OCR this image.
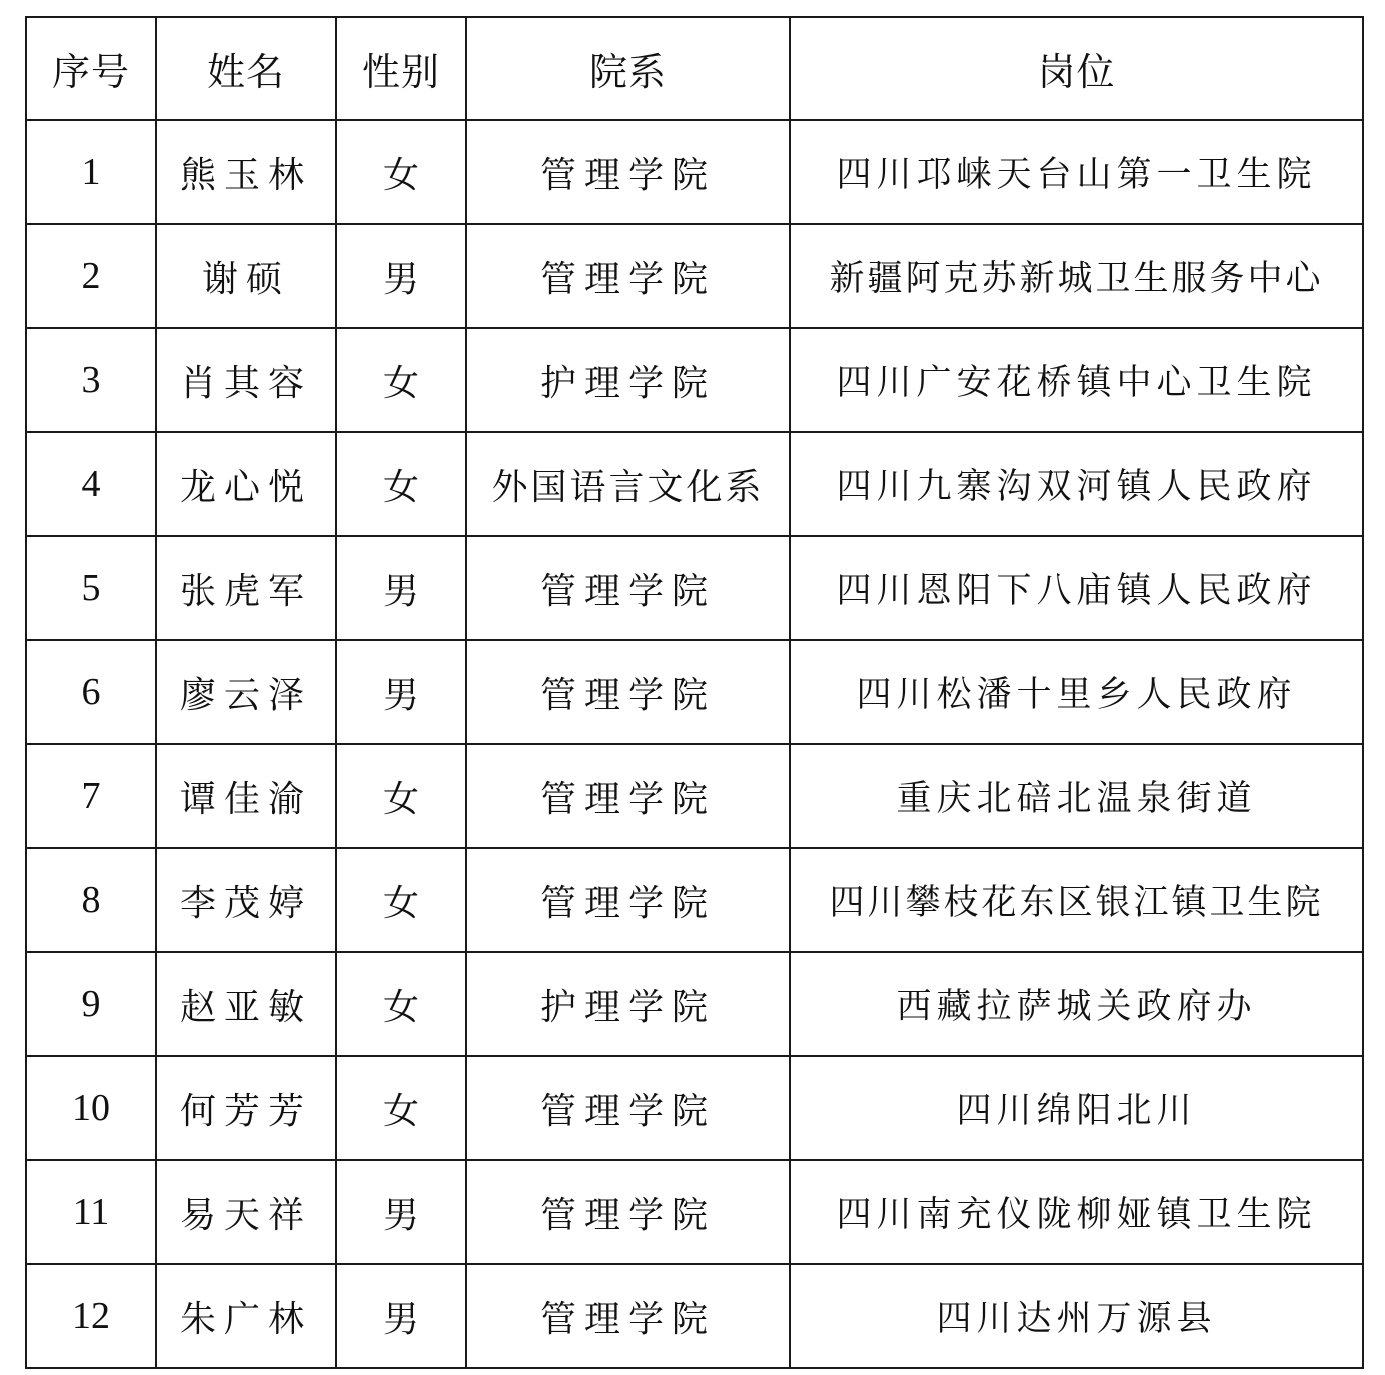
序号	姓名	性别	院系	岗位
1	熊玉林	女	管理学院	四川邛崃天台山第一卫生院
2	谢硕	男	管理学院	新疆阿克苏新城卫生服务中心
3	肖其容	女	护理学院	四川广安花桥镇中心卫生院
4	龙心悦	女	外国语言文化系	四川九寨沟双河镇人民政府
5	张虎军	男	管理学院	四川恩阳下八庙镇人民政府
6	廖云泽	男	管理学院	四川松潘十里乡人民政府
7	谭佳渝	女	管理学院	重庆北碚北温泉街道
8	李茂婷	女	管理学院	四川攀枝花东区银江镇卫生院
9	赵亚敏	女	护理学院	西藏拉萨城关政府办
10	何芳芳	女	管理学院	四川绵阳北川
11	易天祥	男	管理学院	四川南充仪陇柳娅镇卫生院
12	朱广林	男	管理学院	四川达州万源县
